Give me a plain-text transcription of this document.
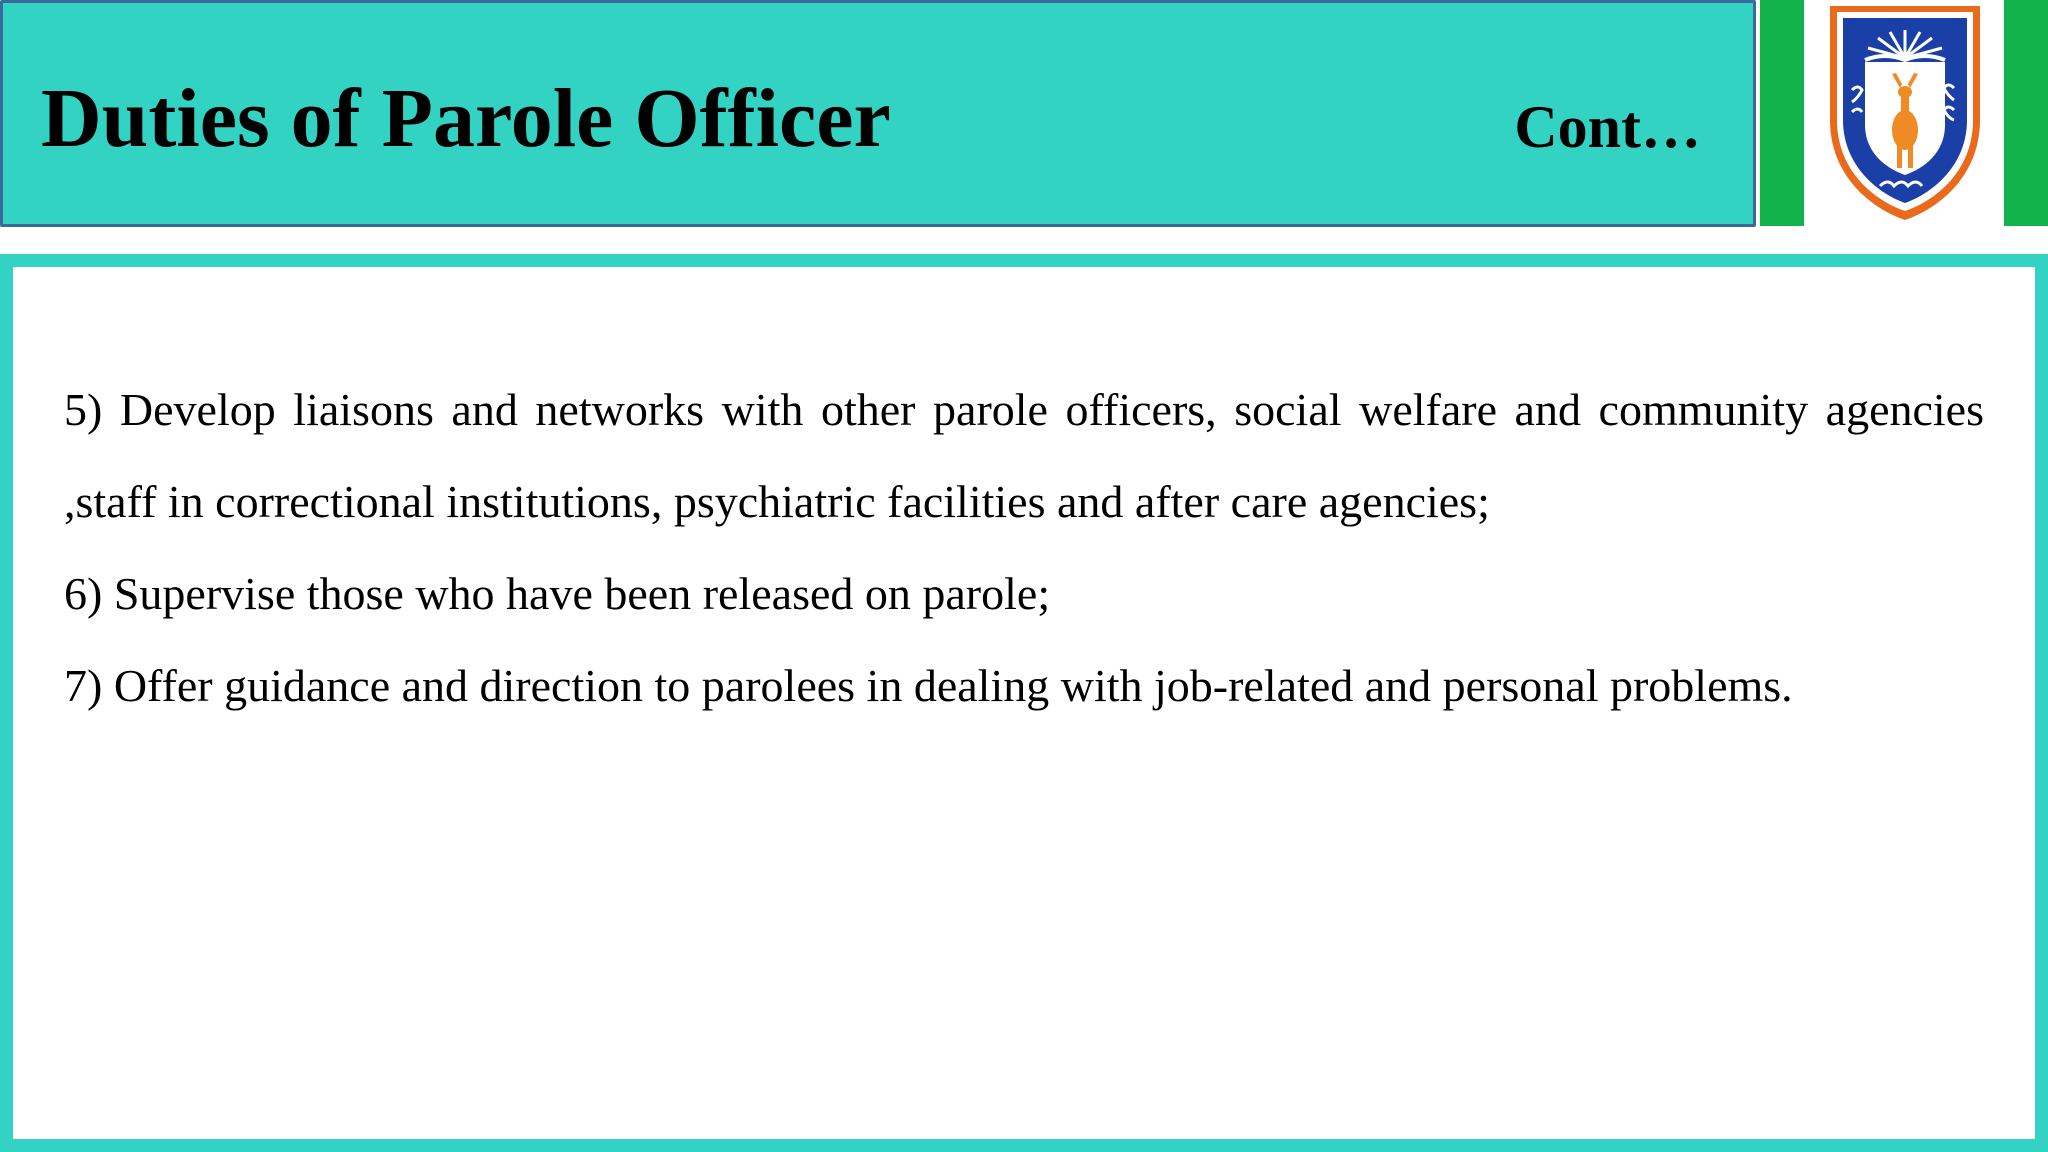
Duties of Parole Officer	Cont…

5) Develop liaisons and networks with other parole officers, social welfare and community agencies ,staff in correctional institutions, psychiatric facilities and after care agencies;

6) Supervise those who have been released on parole;

7) Offer guidance and direction to parolees in dealing with job-related and personal problems.
